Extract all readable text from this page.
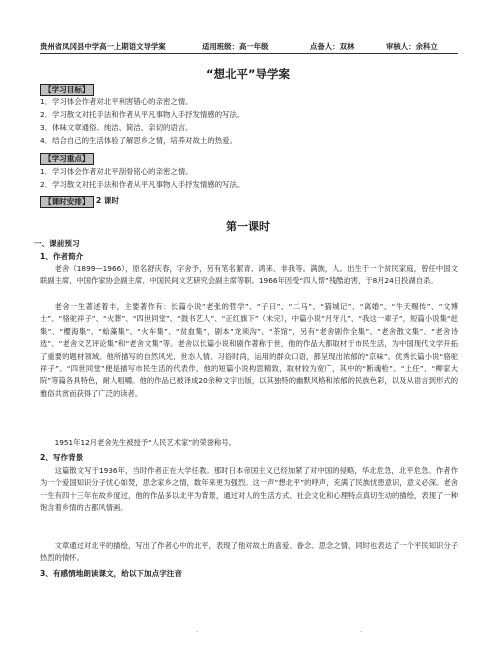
贵州省凤冈县中学高一上期语文导学案	适用班级：高一年级	点备人：双林	审核人：余科立
“想北平”导学案
【学习目标】
1．学习体会作者对北平利害错心的亲密之情。
2．学习散文对托手法和作者从平凡事物入手抒发情感的写法。
3．体味文章通俗、纯洁、简洁、亲切的语言。
4．结合自己的生活体验了解思乡之情，培养对故土的热爱。
【学习重点】
1．学习体会作者对北平刮骨铭心的亲密之情。
2．学习散文对托手法和作者从平凡事物入手抒发情感的写法。
【课时安排】 2 课时
第一课时
一、课前预习
1、作者简介

老舍（1899—1966），原名舒庆春，字舍予，另有笔名絜青、鸿来、非我等。满族，人。出生于一个贫民家庭，曾任中国文联副主席、中国作家协会副主席、中国民间文艺研究会副主席等职。1966年因受“四人帮”残酷迫害，于8月24日投湖自杀。

老舍一生著述着丰，主要著作有：长篇小说“老张的哲学”、“子曰”、“二马”、“猫城记”、“离婚”、“牛天赐传”、“文博士”、“骆驼祥子”、“火葬”、“四世同堂”、“鼓书艺人”、“正红旗下”（未完），中篇小说“月牙儿”、“我这一辈子”，短篇小说集“赶集”、“樱海集”、“蛤藻集”、“火车集”、“贫血集”，剧本“龙须沟”、“茶馆”，另有“老舍剧作全集”、“老舍散文集”、“老舍诗选”、“老舍文艺评论集”和“老舍文集”等。老舍以长篇小说和剧作著称于世，他的作品大都取材于市民生活，为中国现代文学开拓了重要的题材领域。他所描写的自然风光、世态人情、习俗时尚，运用的群众口语，都呈现出浓郁的“京味”。优秀长篇小说“骆驼祥子”、“四世同堂”便是描写市民生活的代表作，他的短篇小说构思精致，取材较为宽广，其中的“断魂枪”、“上任”、“柳家大院”等篇各具特色，耐人咀嚼。他的作品已被译成20余种文字出版，以其独特的幽默风格和浓郁的民族色彩，以及从语言到形式的雅俗共赏而获得了广泛的读者。

1951年12月老舍先生被授予“人民艺术家”的荣誉称号。

2、写作背景

这篇散文写于1936年，当时作者正在大学任教。那时日本帝国主义已经加紧了对中国的侵略，华北危急，北平危急。作者作为一个爱国知识分子忧心如焚，思念家乡之情，数年来更为强烈。这一声“想北平”的呼声，充满了民族忧患意识，意义必深。老舍一生有四十三年在故乡度过，他的作品多以北平为背景，通过对人的生活方式、社会文化和心理特点真切生动的描绘，表现了一种饱含着乡情的古都风情画。

文章通过对北平的描绘，写出了作者心中的北平，表现了他对故土的喜爱、眷念、思念之情，同时也表达了一个平民知识分子热烈的情怀。

3、有感情地朗读课文，给以下加点字注音
·	·
